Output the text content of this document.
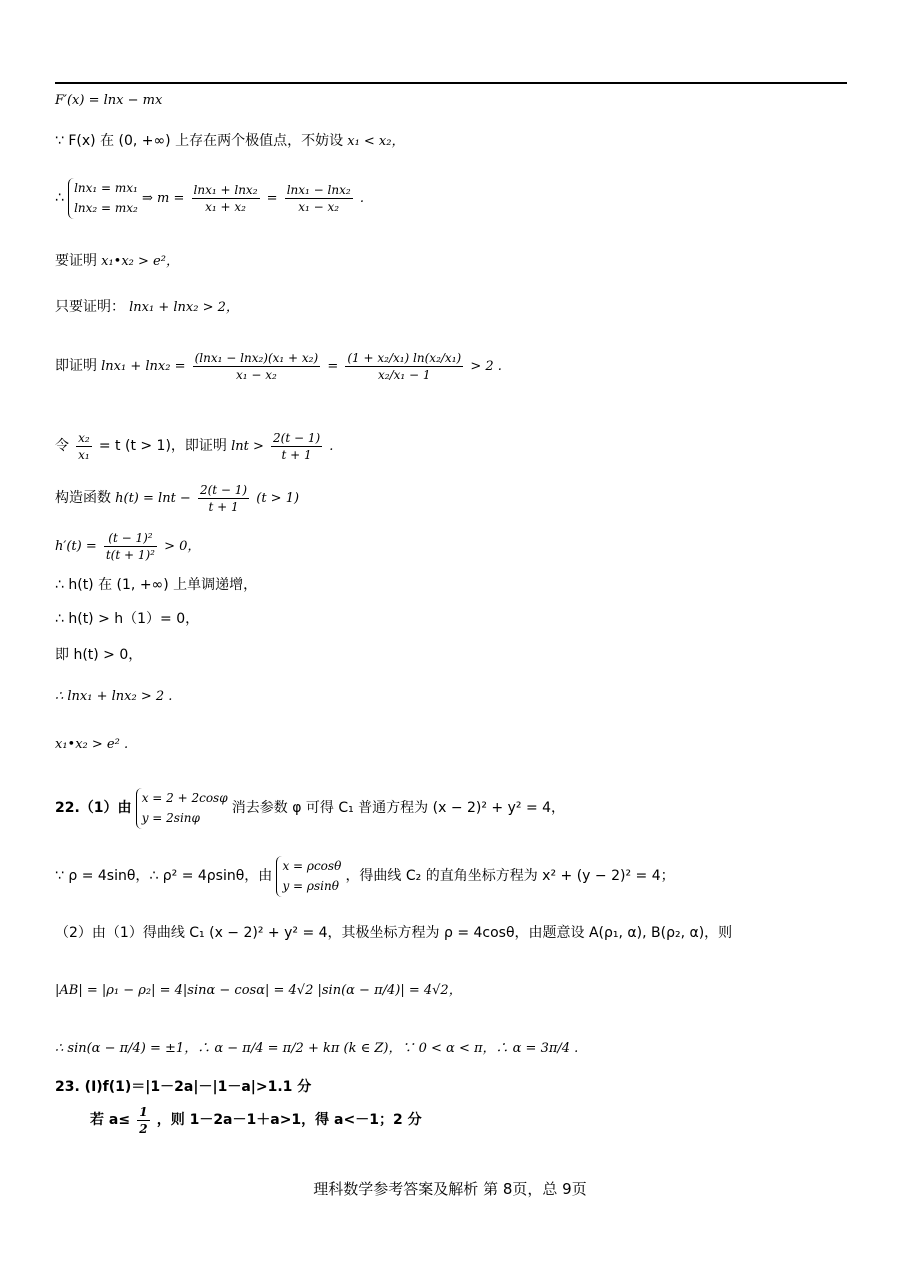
F′(x) = lnx − mx
∵ F(x) 在 (0, +∞) 上存在两个极值点，不妨设 x₁ < x₂，
∴
lnx₁ = mx₁
lnx₂ = mx₂
⇒ $m = \frac{\text{lnx₁ + lnx₂}}{\text{x₁ + x₂}} = \frac{\text{lnx₁ − lnx₂}}{\text{x₁ − x₂}}$ .
要证明 x₁•x₂ > e²，
只要证明： lnx₁ + lnx₂ > 2，
即证明 $\ln x_1 + \ln x_2 = \frac{\text{(lnx₁ − lnx₂)(x₁ + x₂)}}{\text{x₁ − x₂}} = \frac{\text{(1 + x₂/x₁) ln(x₂/x₁)}}{\text{x₂/x₁ − 1}} > 2$ .
令 $\frac{\text{x₂}}{\text{x₁}} = t$ (t > 1)，即证明 $\ln t > \frac{2(t - 1)}{t + 1}$ .
构造函数 $h(t) = \ln t - \frac{2(t - 1)}{t + 1} (t > 1)$
$h'(t) = \frac{\text{(t − 1)²}}{\text{t(t + 1)²}} > 0$，
∴ h(t) 在 (1, +∞) 上单调递增，
∴ h(t) > h（1）= 0，
即 h(t) > 0，
∴ lnx₁ + lnx₂ > 2 .
x₁•x₂ > e² .
22.（1）由
x = 2 + 2cosφ
y = 2sinφ
消去参数 φ 可得 C₁ 普通方程为 (x − 2)² + y² = 4，
∵ ρ = 4sinθ，∴ ρ² = 4ρsinθ，由
x = ρcosθ
y = ρsinθ
，得曲线 C₂ 的直角坐标方程为 x² + (y − 2)² = 4；
（2）由（1）得曲线 C₁ (x − 2)² + y² = 4，其极坐标方程为 ρ = 4cosθ，由题意设 A(ρ₁, α), B(ρ₂, α)，则
|AB| = |ρ₁ − ρ₂| = 4|sinα − cosα| = 4√2 |sin(α − π/4)| = 4√2，
∴ sin(α − π/4) = ±1，∴ α − π/4 = π/2 + kπ (k ∈ Z)，∵ 0 < α < π，∴ α = 3π/4 .
23. (Ⅰ)f(1)＝|1－2a|－|1－a|>1.1 分
若 $a\le \frac{1}{2}$ ，则 1－2a－1＋a>1，得 a<－1；2 分
理科数学参考答案及解析 第 8页，总 9页
